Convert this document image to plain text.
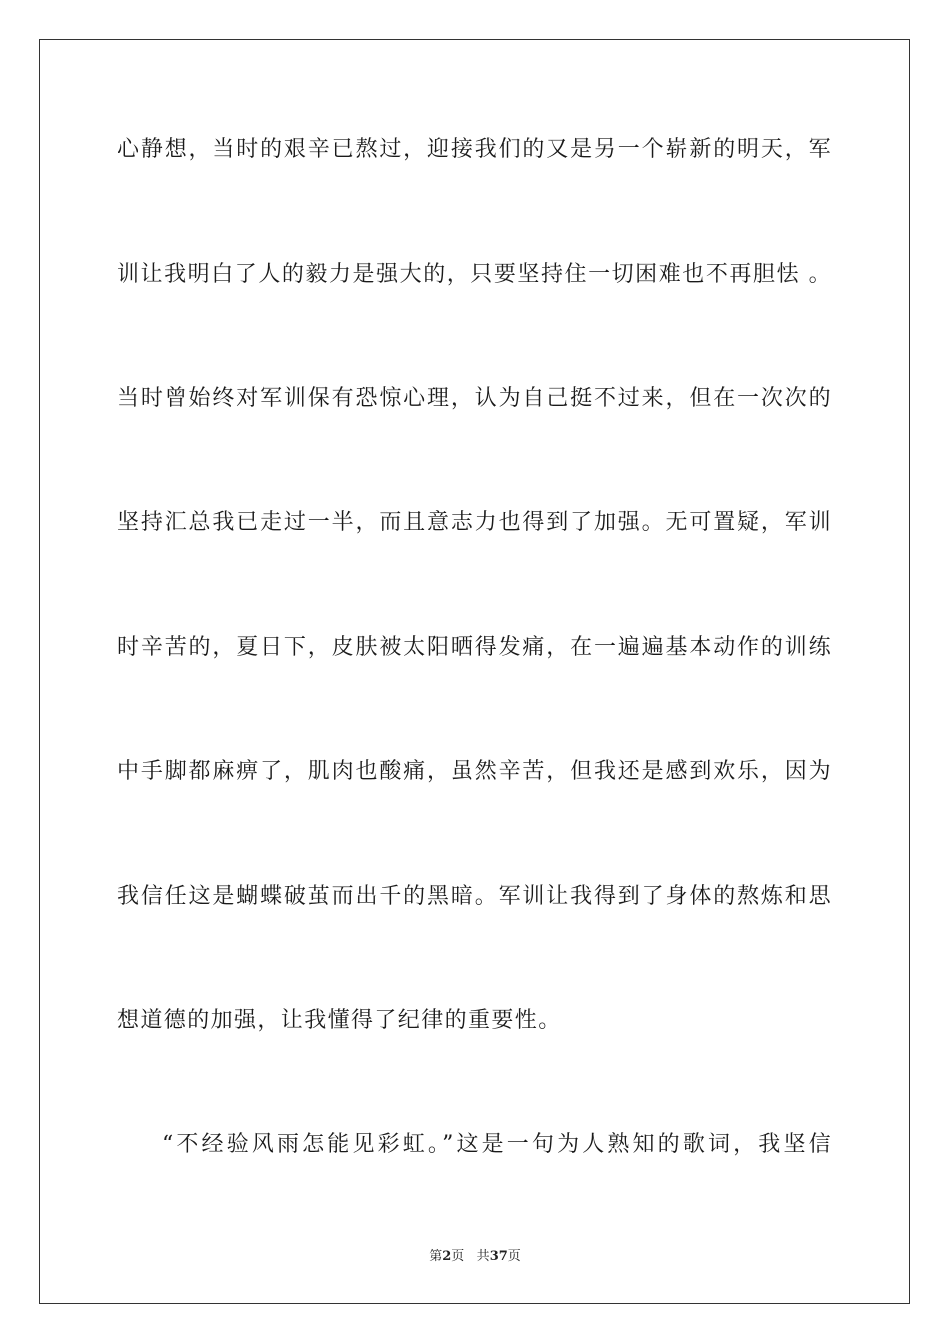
心静想，当时的艰辛已熬过，迎接我们的又是另一个崭新的明天，军
训让我明白了人的毅力是强大的，只要坚持住一切困难也不再胆怯 。
当时曾始终对军训保有恐惊心理，认为自己挺不过来，但在一次次的
坚持汇总我已走过一半，而且意志力也得到了加强。无可置疑，军训
时辛苦的，夏日下，皮肤被太阳晒得发痛，在一遍遍基本动作的训练
中手脚都麻痹了，肌肉也酸痛，虽然辛苦，但我还是感到欢乐，因为
我信任这是蝴蝶破茧而出千的黑暗。军训让我得到了身体的熬炼和思
想道德的加强，让我懂得了纪律的重要性。
“不经验风雨怎能见彩虹。”这是一句为人熟知的歌词，我坚信
第2页 共37页
